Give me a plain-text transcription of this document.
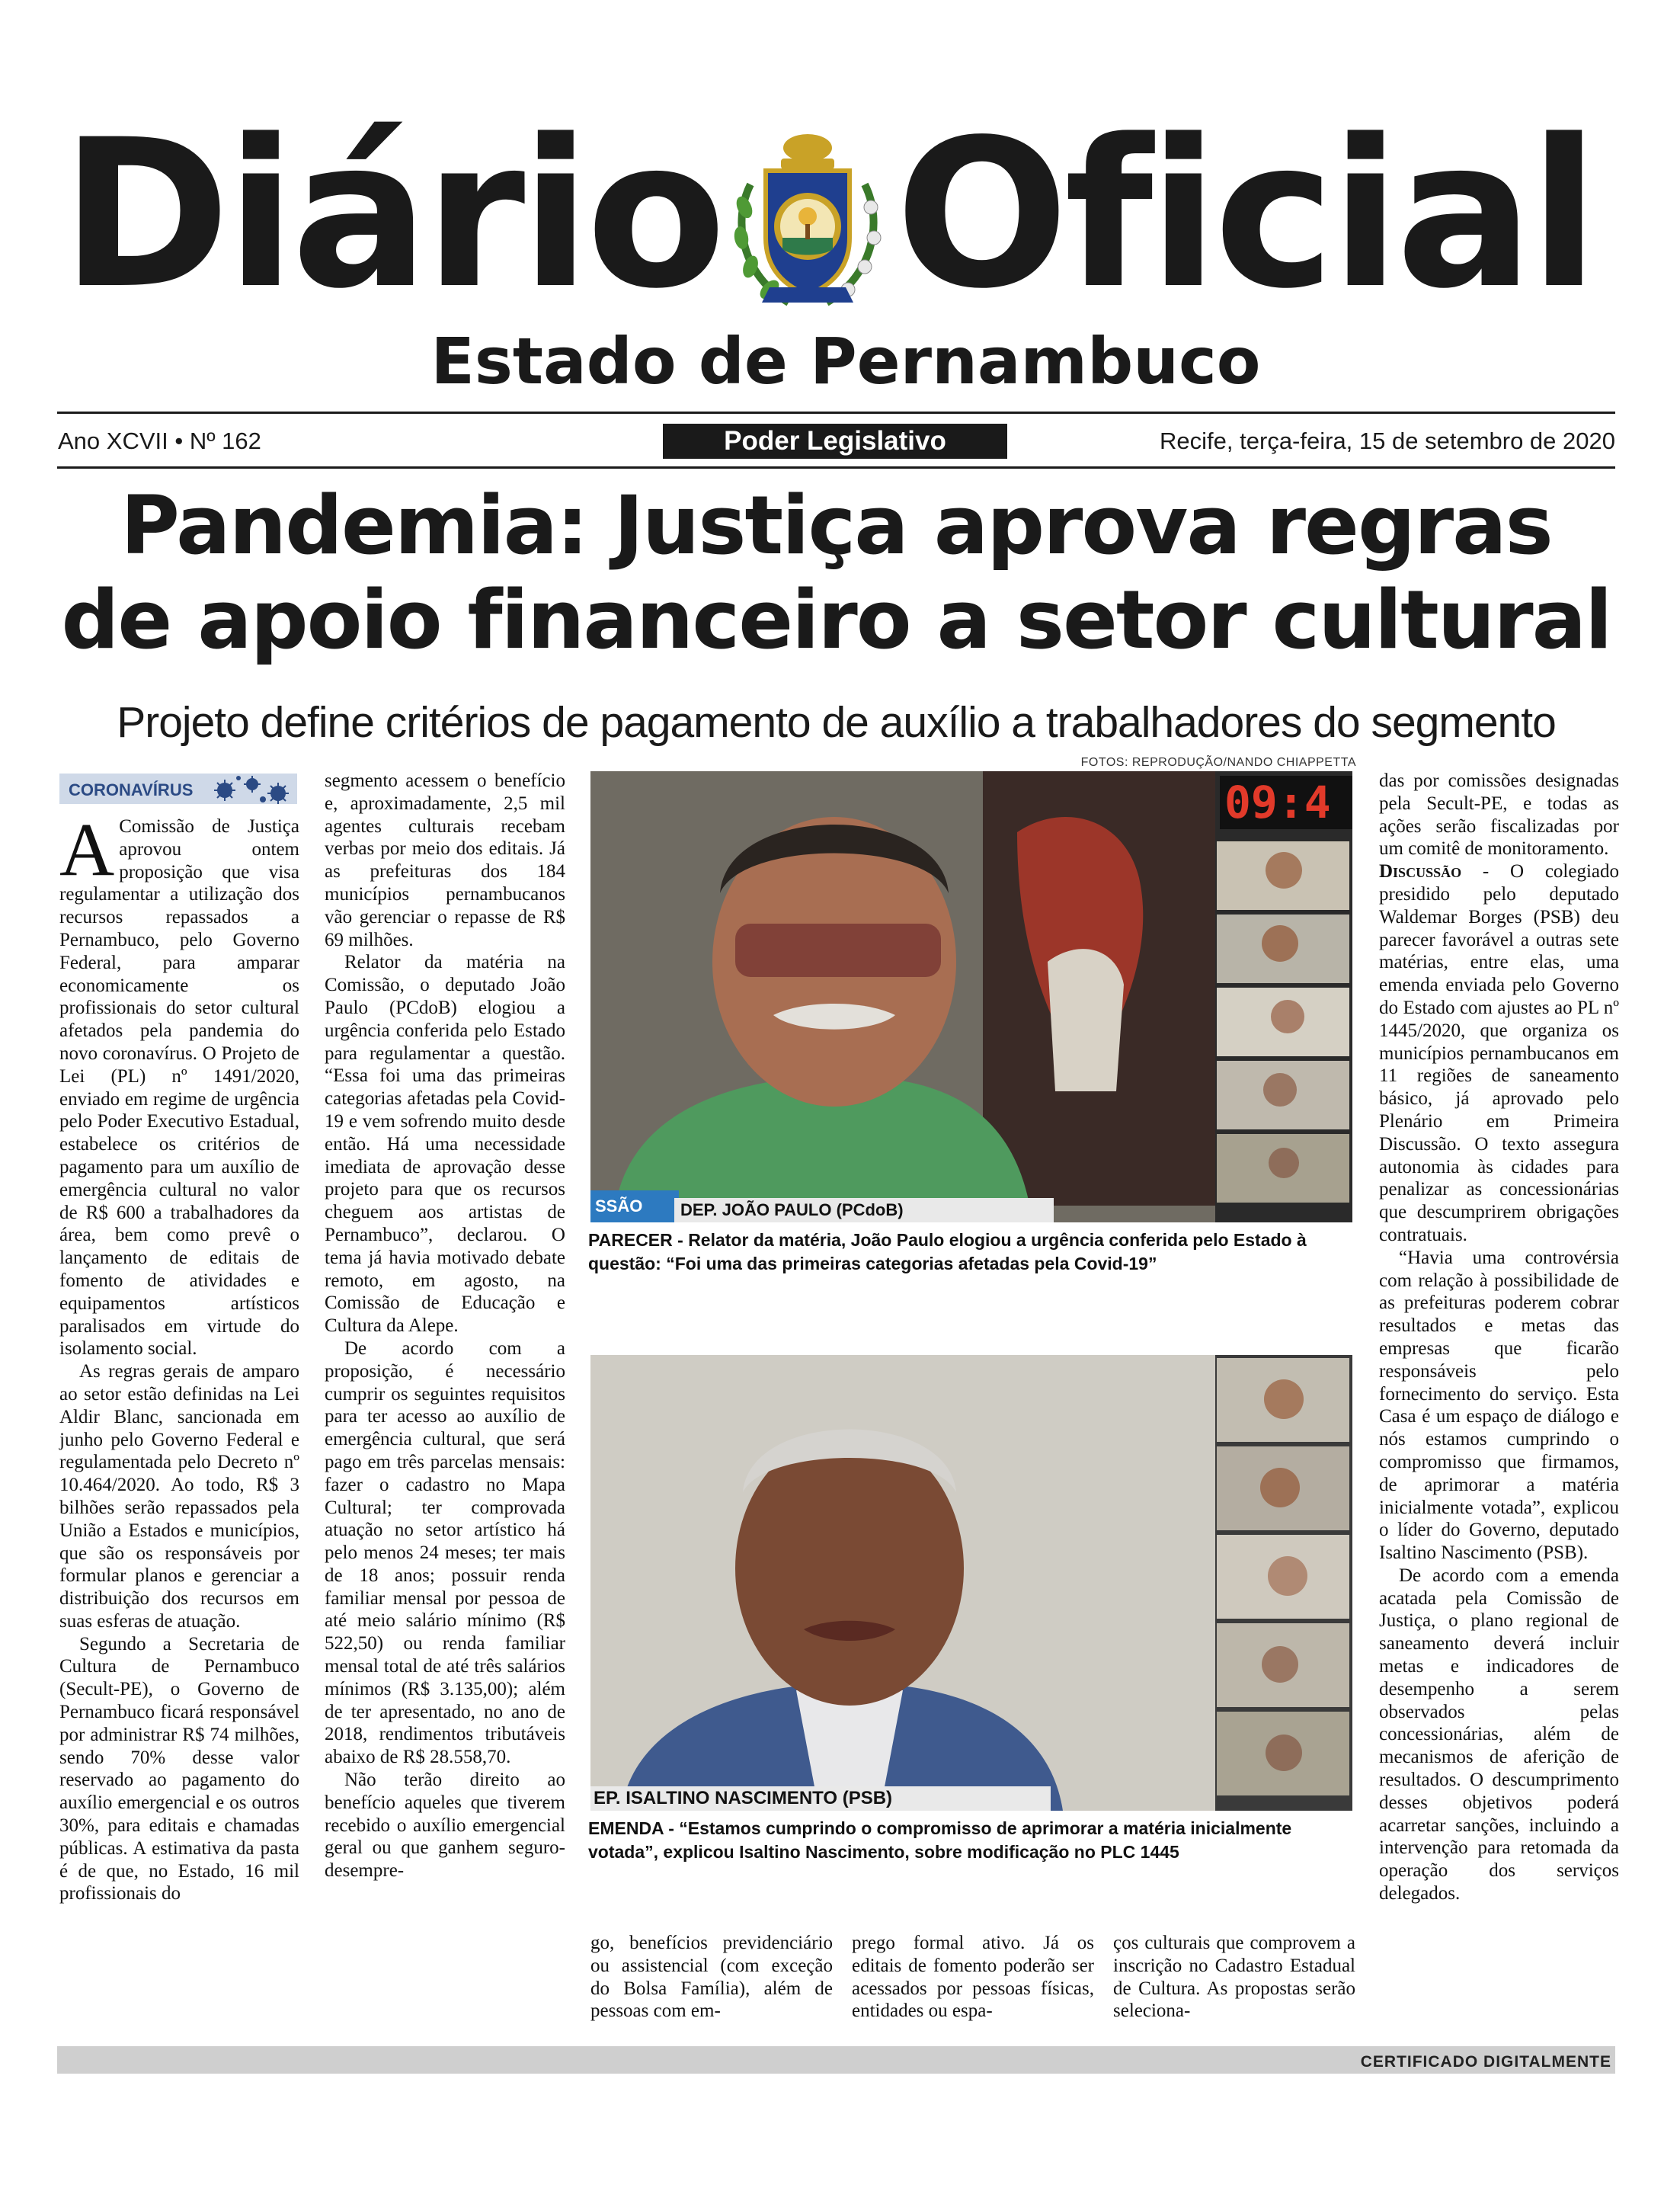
Diário Oficial
Estado de Pernambuco
Ano XCVII • Nº 162	Poder Legislativo	Recife, terça-feira, 15 de setembro de 2020
Pandemia: Justiça aprova regras
de apoio financeiro a setor cultural
Projeto define critérios de pagamento de auxílio a trabalhadores do segmento
CORONAVÍRUS

A Comissão de Justiça aprovou ontem proposição que visa regulamentar a utilização dos recursos repassados a Pernambuco, pelo Governo Federal, para amparar economicamente os profissionais do setor cultural afetados pela pandemia do novo coronavírus. O Projeto de Lei (PL) nº 1491/2020, enviado em regime de urgência pelo Poder Executivo Estadual, estabelece os critérios de pagamento para um auxílio de emergência cultural no valor de R$ 600 a trabalhadores da área, bem como prevê o lançamento de editais de fomento de atividades e equipamentos artísticos paralisados em virtude do isolamento social.

As regras gerais de amparo ao setor estão definidas na Lei Aldir Blanc, sancionada em junho pelo Governo Federal e regulamentada pelo Decreto nº 10.464/2020. Ao todo, R$ 3 bilhões serão repassados pela União a Estados e municípios, que são os responsáveis por formular planos e gerenciar a distribuição dos recursos em suas esferas de atuação.

Segundo a Secretaria de Cultura de Pernambuco (Secult-PE), o Governo de Pernambuco ficará responsável por administrar R$ 74 milhões, sendo 70% desse valor reservado ao pagamento do auxílio emergencial e os outros 30%, para editais e chamadas públicas. A estimativa da pasta é de que, no Estado, 16 mil profissionais do

segmento acessem o benefício e, aproximadamente, 2,5 mil agentes culturais recebam verbas por meio dos editais. Já as prefeituras dos 184 municípios pernambucanos vão gerenciar o repasse de R$ 69 milhões.

Relator da matéria na Comissão, o deputado João Paulo (PCdoB) elogiou a urgência conferida pelo Estado para regulamentar a questão. “Essa foi uma das primeiras categorias afetadas pela Covid-19 e vem sofrendo muito desde então. Há uma necessidade imediata de aprovação desse projeto para que os recursos cheguem aos artistas de Pernambuco”, declarou. O tema já havia motivado debate remoto, em agosto, na Comissão de Educação e Cultura da Alepe.

De acordo com a proposição, é necessário cumprir os seguintes requisitos para ter acesso ao auxílio de emergência cultural, que será pago em três parcelas mensais: fazer o cadastro no Mapa Cultural; ter comprovada atuação no setor artístico há pelo menos 24 meses; ter mais de 18 anos; possuir renda familiar mensal por pessoa de até meio salário mínimo (R$ 522,50) ou renda familiar mensal total de até três salários mínimos (R$ 3.135,00); além de ter apresentado, no ano de 2018, rendimentos tributáveis abaixo de R$ 28.558,70.

Não terão direito ao benefício aqueles que tiverem recebido o auxílio emergencial geral ou que ganhem seguro-desempre-

FOTOS: REPRODUÇÃO/NANDO CHIAPPETTA
09:4
SSÃO	DEP. JOÃO PAULO (PCdoB)
PARECER - Relator da matéria, João Paulo elogiou a urgência conferida pelo Estado à questão: “Foi uma das primeiras categorias afetadas pela Covid-19”
EP. ISALTINO NASCIMENTO (PSB)
EMENDA - “Estamos cumprindo o compromisso de aprimorar a matéria inicialmente votada”, explicou Isaltino Nascimento, sobre modificação no PLC 1445

go, benefícios previdenciário ou assistencial (com exceção do Bolsa Família), além de pessoas com em-

prego formal ativo. Já os editais de fomento poderão ser acessados por pessoas físicas, entidades ou espa-

ços culturais que comprovem a inscrição no Cadastro Estadual de Cultura. As propostas serão seleciona-

das por comissões designadas pela Secult-PE, e todas as ações serão fiscalizadas por um comitê de monitoramento.

Discussão - O colegiado presidido pelo deputado Waldemar Borges (PSB) deu parecer favorável a outras sete matérias, entre elas, uma emenda enviada pelo Governo do Estado com ajustes ao PL nº 1445/2020, que organiza os municípios pernambucanos em 11 regiões de saneamento básico, já aprovado pelo Plenário em Primeira Discussão. O texto assegura autonomia às cidades para penalizar as concessionárias que descumprirem obrigações contratuais.

“Havia uma controvérsia com relação à possibilidade de as prefeituras poderem cobrar resultados e metas das empresas que ficarão responsáveis pelo fornecimento do serviço. Esta Casa é um espaço de diálogo e nós estamos cumprindo o compromisso que firmamos, de aprimorar a matéria inicialmente votada”, explicou o líder do Governo, deputado Isaltino Nascimento (PSB).

De acordo com a emenda acatada pela Comissão de Justiça, o plano regional de saneamento deverá incluir metas e indicadores de desempenho a serem observados pelas concessionárias, além de mecanismos de aferição de resultados. O descumprimento desses objetivos poderá acarretar sanções, incluindo a intervenção para retomada da operação dos serviços delegados.

CERTIFICADO DIGITALMENTE
